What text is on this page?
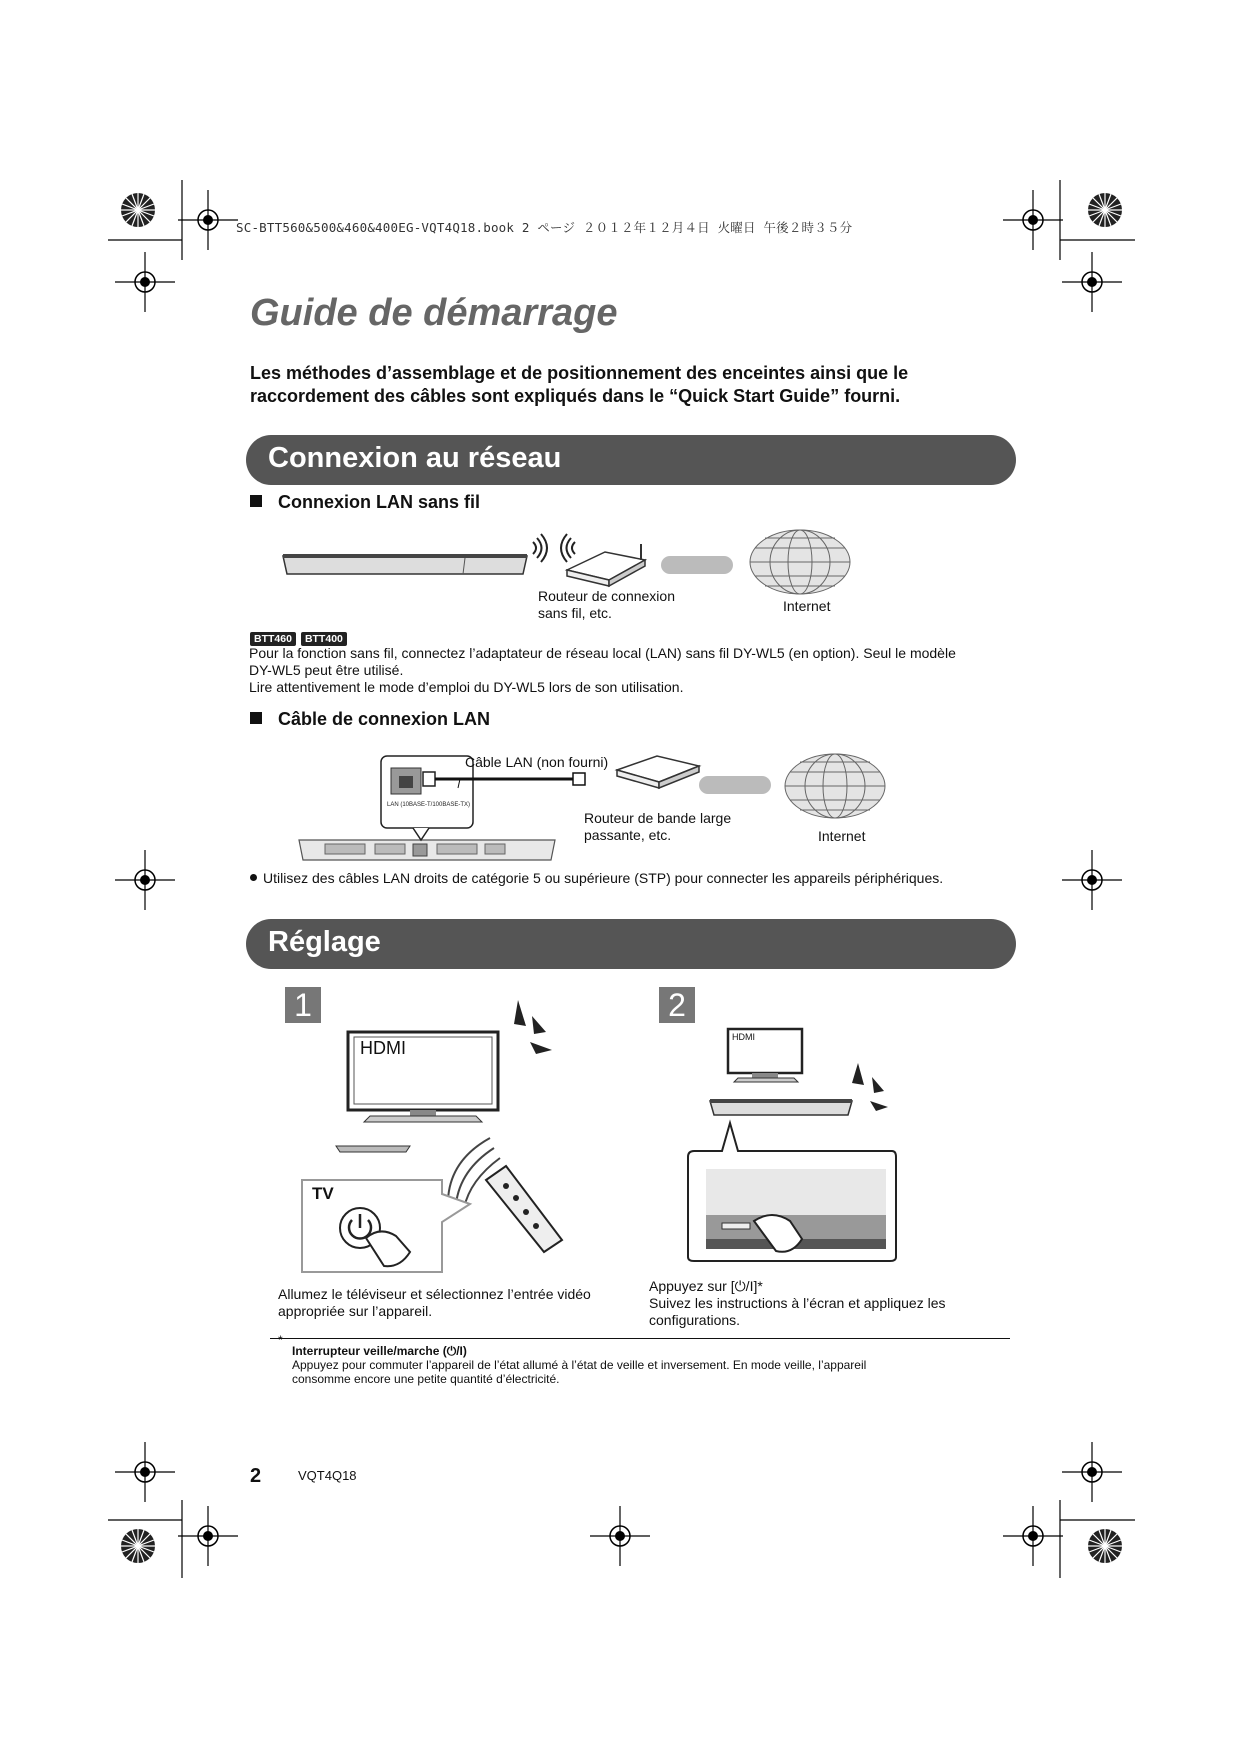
SC-BTT560&500&460&400EG-VQT4Q18.book 2 ページ ２０１２年１２月４日 火曜日 午後２時３５分
Guide de démarrage
Les méthodes d’assemblage et de positionnement des enceintes ainsi que le raccordement des câbles sont expliqués dans le “Quick Start Guide” fourni.
Connexion au réseau
Connexion LAN sans fil
Routeur de connexion
sans fil, etc.	Internet
BTT460 BTT400
Pour la fonction sans fil, connectez l’adaptateur de réseau local (LAN) sans fil DY-WL5 (en option). Seul le modèle
DY-WL5 peut être utilisé.
Lire attentivement le mode d’emploi du DY-WL5 lors de son utilisation.
Câble de connexion LAN
LAN (10BASE-T/100BASE-TX)
Câble LAN (non fourni)
Routeur de bande large
passante, etc.	Internet
Utilisez des câbles LAN droits de catégorie 5 ou supérieure (STP) pour connecter les appareils périphériques.
Réglage
1
HDMI
TV
Allumez le téléviseur et sélectionnez l’entrée vidéo
appropriée sur l’appareil.
2
HDMI
Appuyez sur [⏻/I]*
Suivez les instructions à l’écran et appliquez les
configurations.
*
Interrupteur veille/marche (⏻/I)
Appuyez pour commuter l’appareil de l’état allumé à l’état de veille et inversement. En mode veille, l’appareil
consomme encore une petite quantité d’électricité.
2	VQT4Q18
